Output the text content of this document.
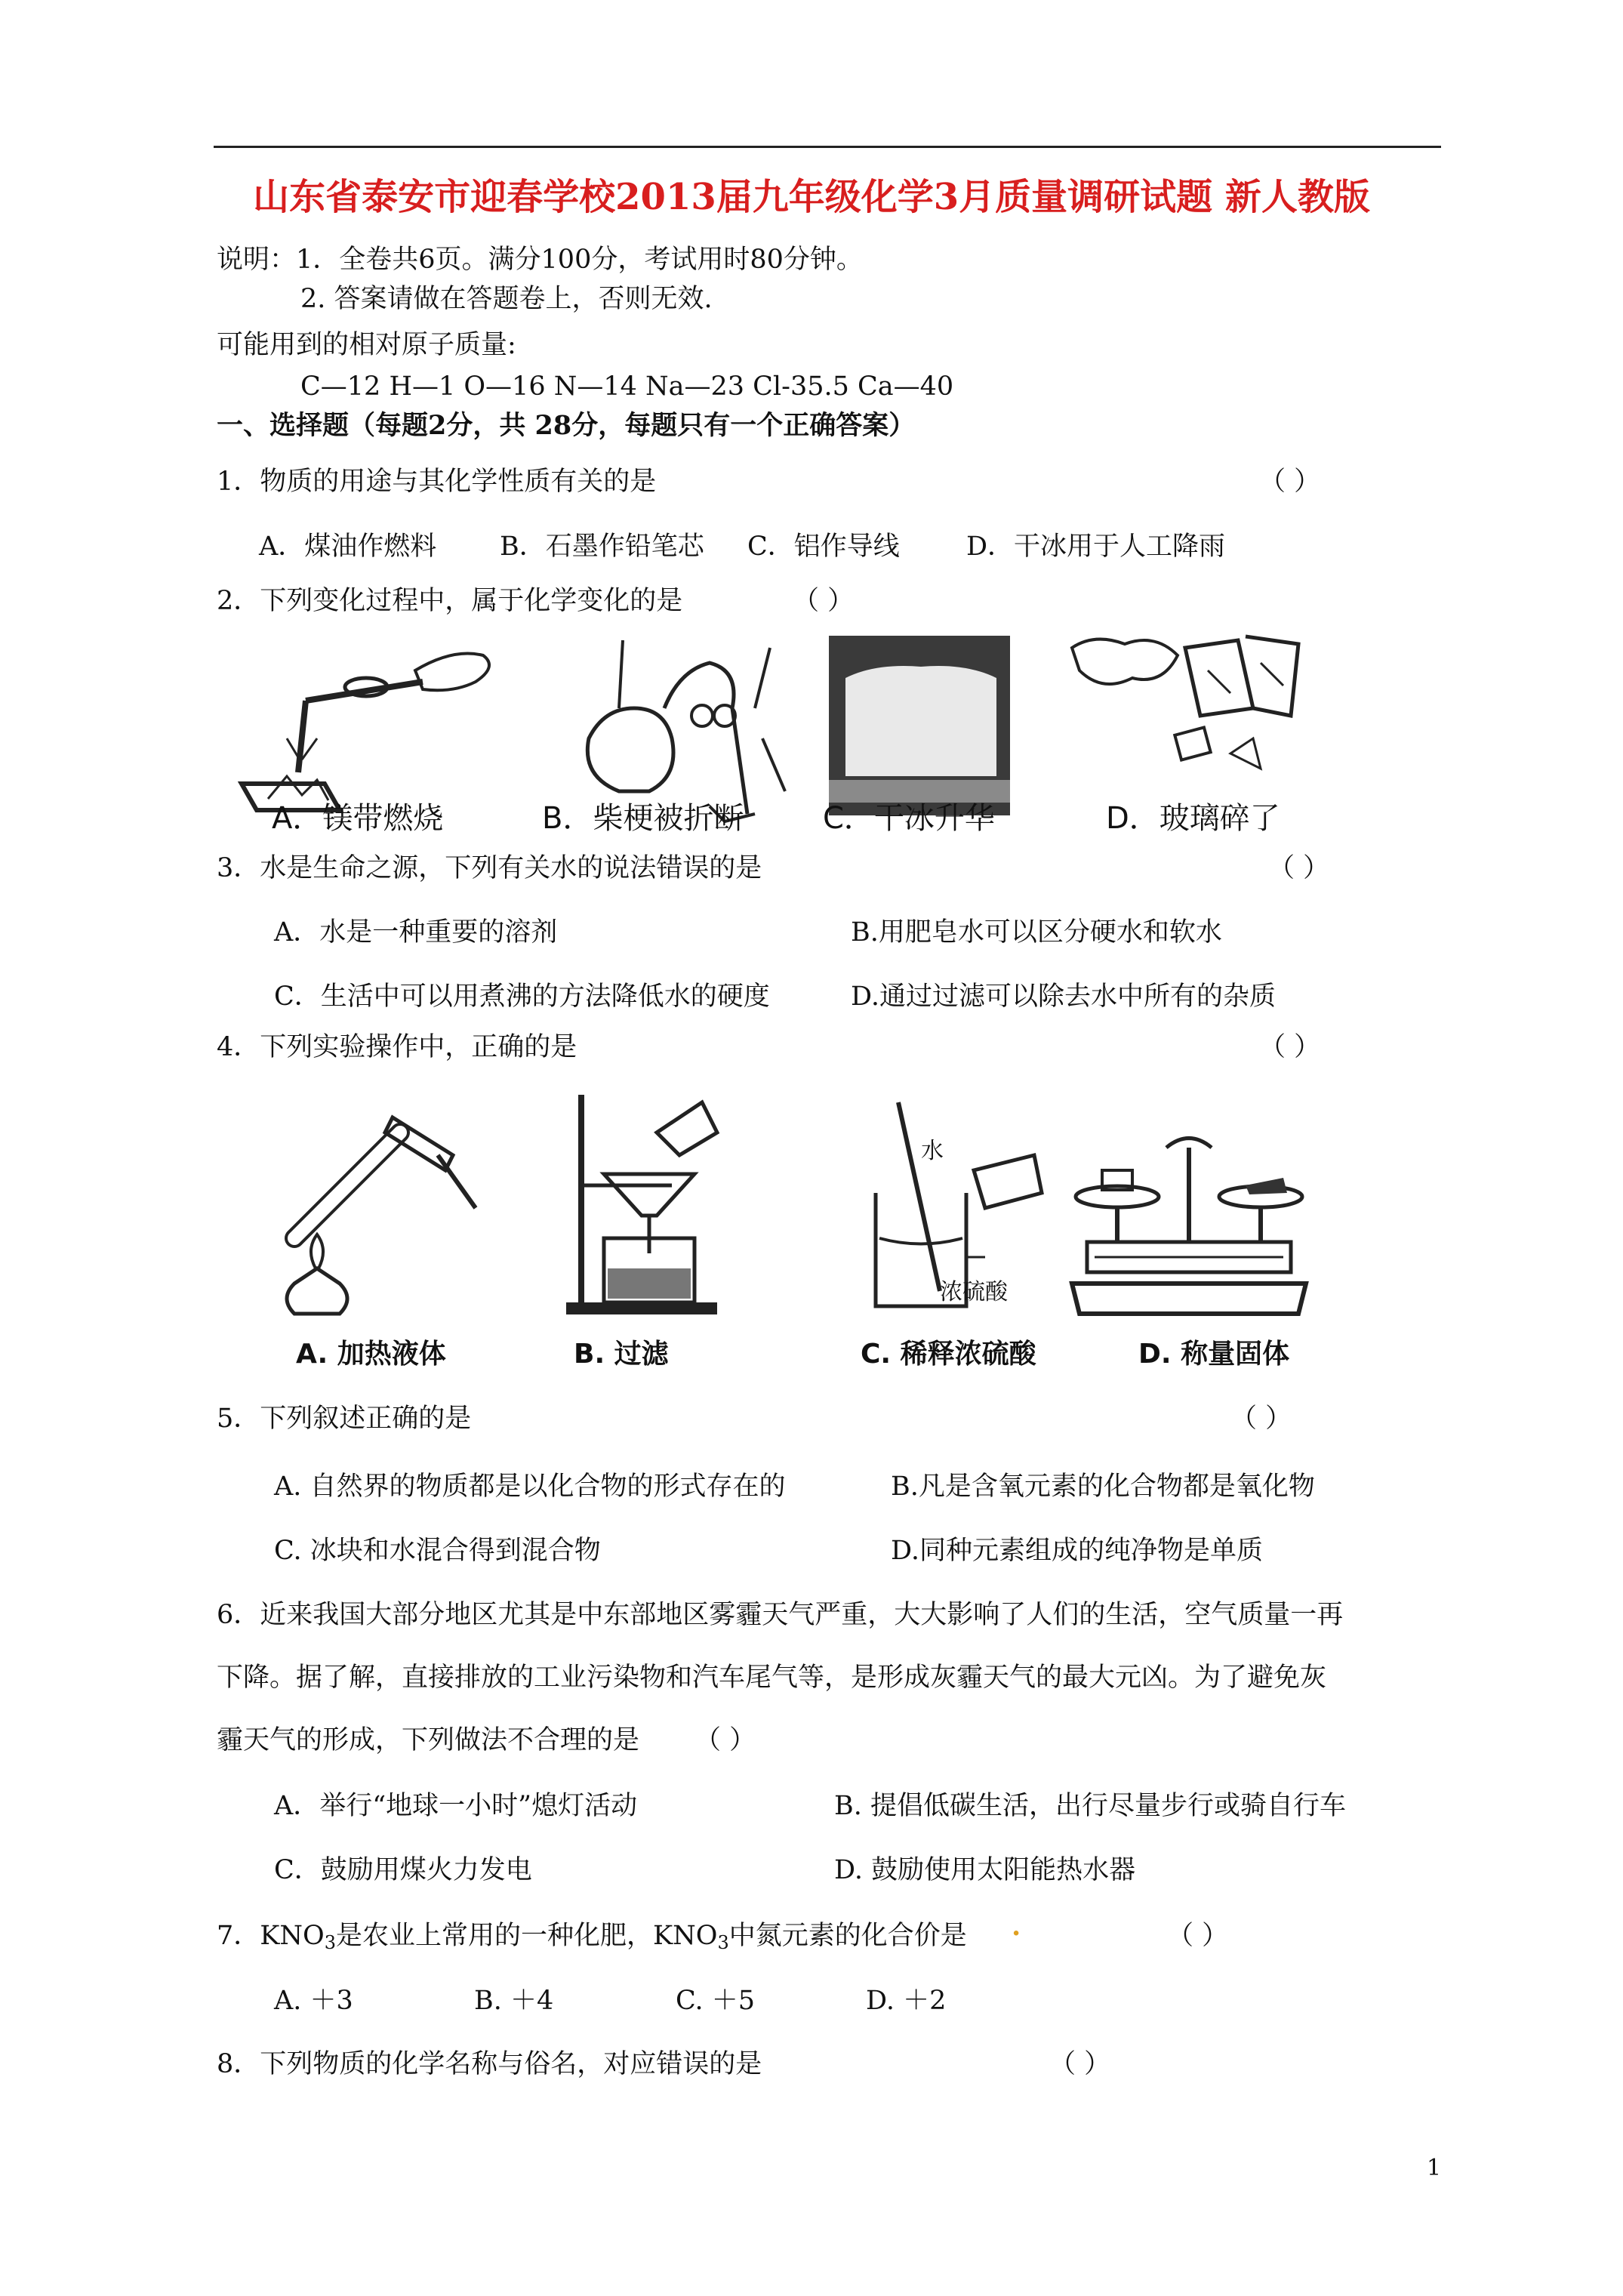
山东省泰安市迎春学校2013届九年级化学3月质量调研试题 新人教版
说明：1．全卷共6页。满分100分，考试用时80分钟。
2. 答案请做在答题卷上，否则无效.
可能用到的相对原子质量:
C—12 H—1 O—16 N—14 Na—23 Cl-35.5 Ca—40
一、选择题（每题2分，共 28分，每题只有一个正确答案）
1．物质的用途与其化学性质有关的是	（ ）
A．煤油作燃料 B．石墨作铅笔芯 C．铝作导线	D．干冰用于人工降雨
2．下列变化过程中，属于化学变化的是	（ ）
A．镁带燃烧	B．柴梗被折断	C．干冰升华	D．玻璃碎了
3．水是生命之源，下列有关水的说法错误的是	（ ）
A．水是一种重要的溶剂	B.用肥皂水可以区分硬水和软水
C．生活中可以用煮沸的方法降低水的硬度	D.通过过滤可以除去水中所有的杂质
4．下列实验操作中，正确的是	（ ）
水
浓硫酸
A. 加热液体	B. 过滤	C. 稀释浓硫酸	D. 称量固体
5．下列叙述正确的是	（ ）
A. 自然界的物质都是以化合物的形式存在的	B.凡是含氧元素的化合物都是氧化物
C. 冰块和水混合得到混合物	D.同种元素组成的纯净物是单质
6．近来我国大部分地区尤其是中东部地区雾霾天气严重，大大影响了人们的生活，空气质量一再
下降。据了解，直接排放的工业污染物和汽车尾气等，是形成灰霾天气的最大元凶。为了避免灰
霾天气的形成，下列做法不合理的是 （ ）
A．举行“地球一小时”熄灯活动	B. 提倡低碳生活，出行尽量步行或骑自行车
C．鼓励用煤火力发电	D. 鼓励使用太阳能热水器
7．$KNO_3$是农业上常用的一种化肥，$KNO_3$中氮元素的化合价是 .	（ ）
A. ＋3	B. ＋4	C. ＋5	D. ＋2
8．下列物质的化学名称与俗名，对应错误的是	（ ）
1
